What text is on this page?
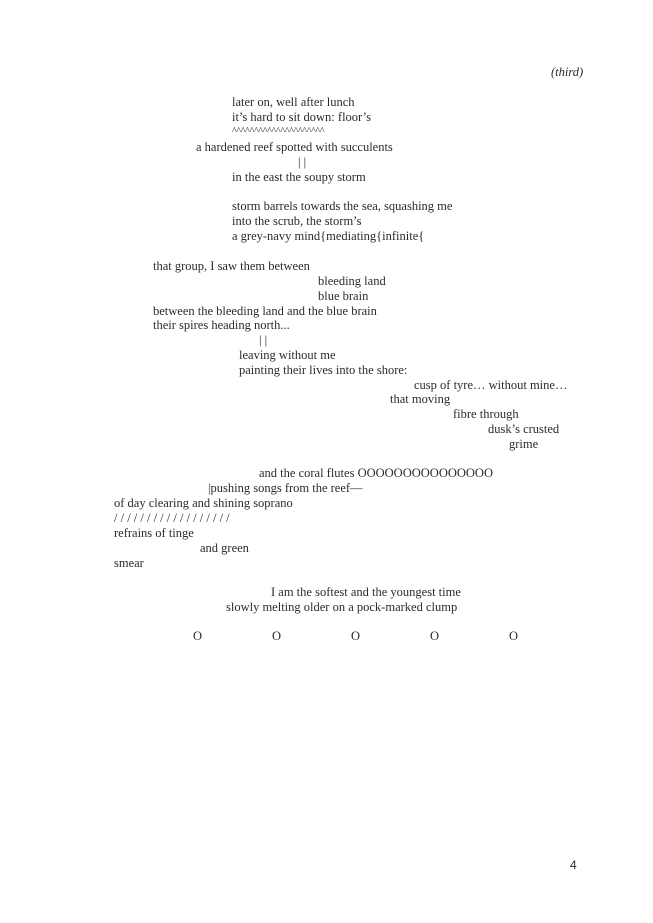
(third)
later on, well after lunch
it’s hard to sit down: floor’s
^^^^^^^^^^^^^^^^^^^^^
a hardened reef spotted with succulents
| |
in the east the soupy storm
storm barrels towards the sea, squashing me
into the scrub, the storm’s
a grey-navy mind{mediating{infinite{
that group, I saw them between
bleeding land
blue brain
between the bleeding land and the blue brain
their spires heading north...
| |
leaving without me
painting their lives into the shore:
cusp of tyre… without mine…
that moving
fibre through
dusk’s crusted
grime
and the coral flutes OOOOOOOOOOOOOOO
|pushing songs from the reef—
of day clearing and shining soprano
/ / / / / / / / / / / / / / / / / /
refrains of tinge
and green
smear
I am the softest and the youngest time
slowly melting older on a pock-marked clump
O	O	O	O	O
4
